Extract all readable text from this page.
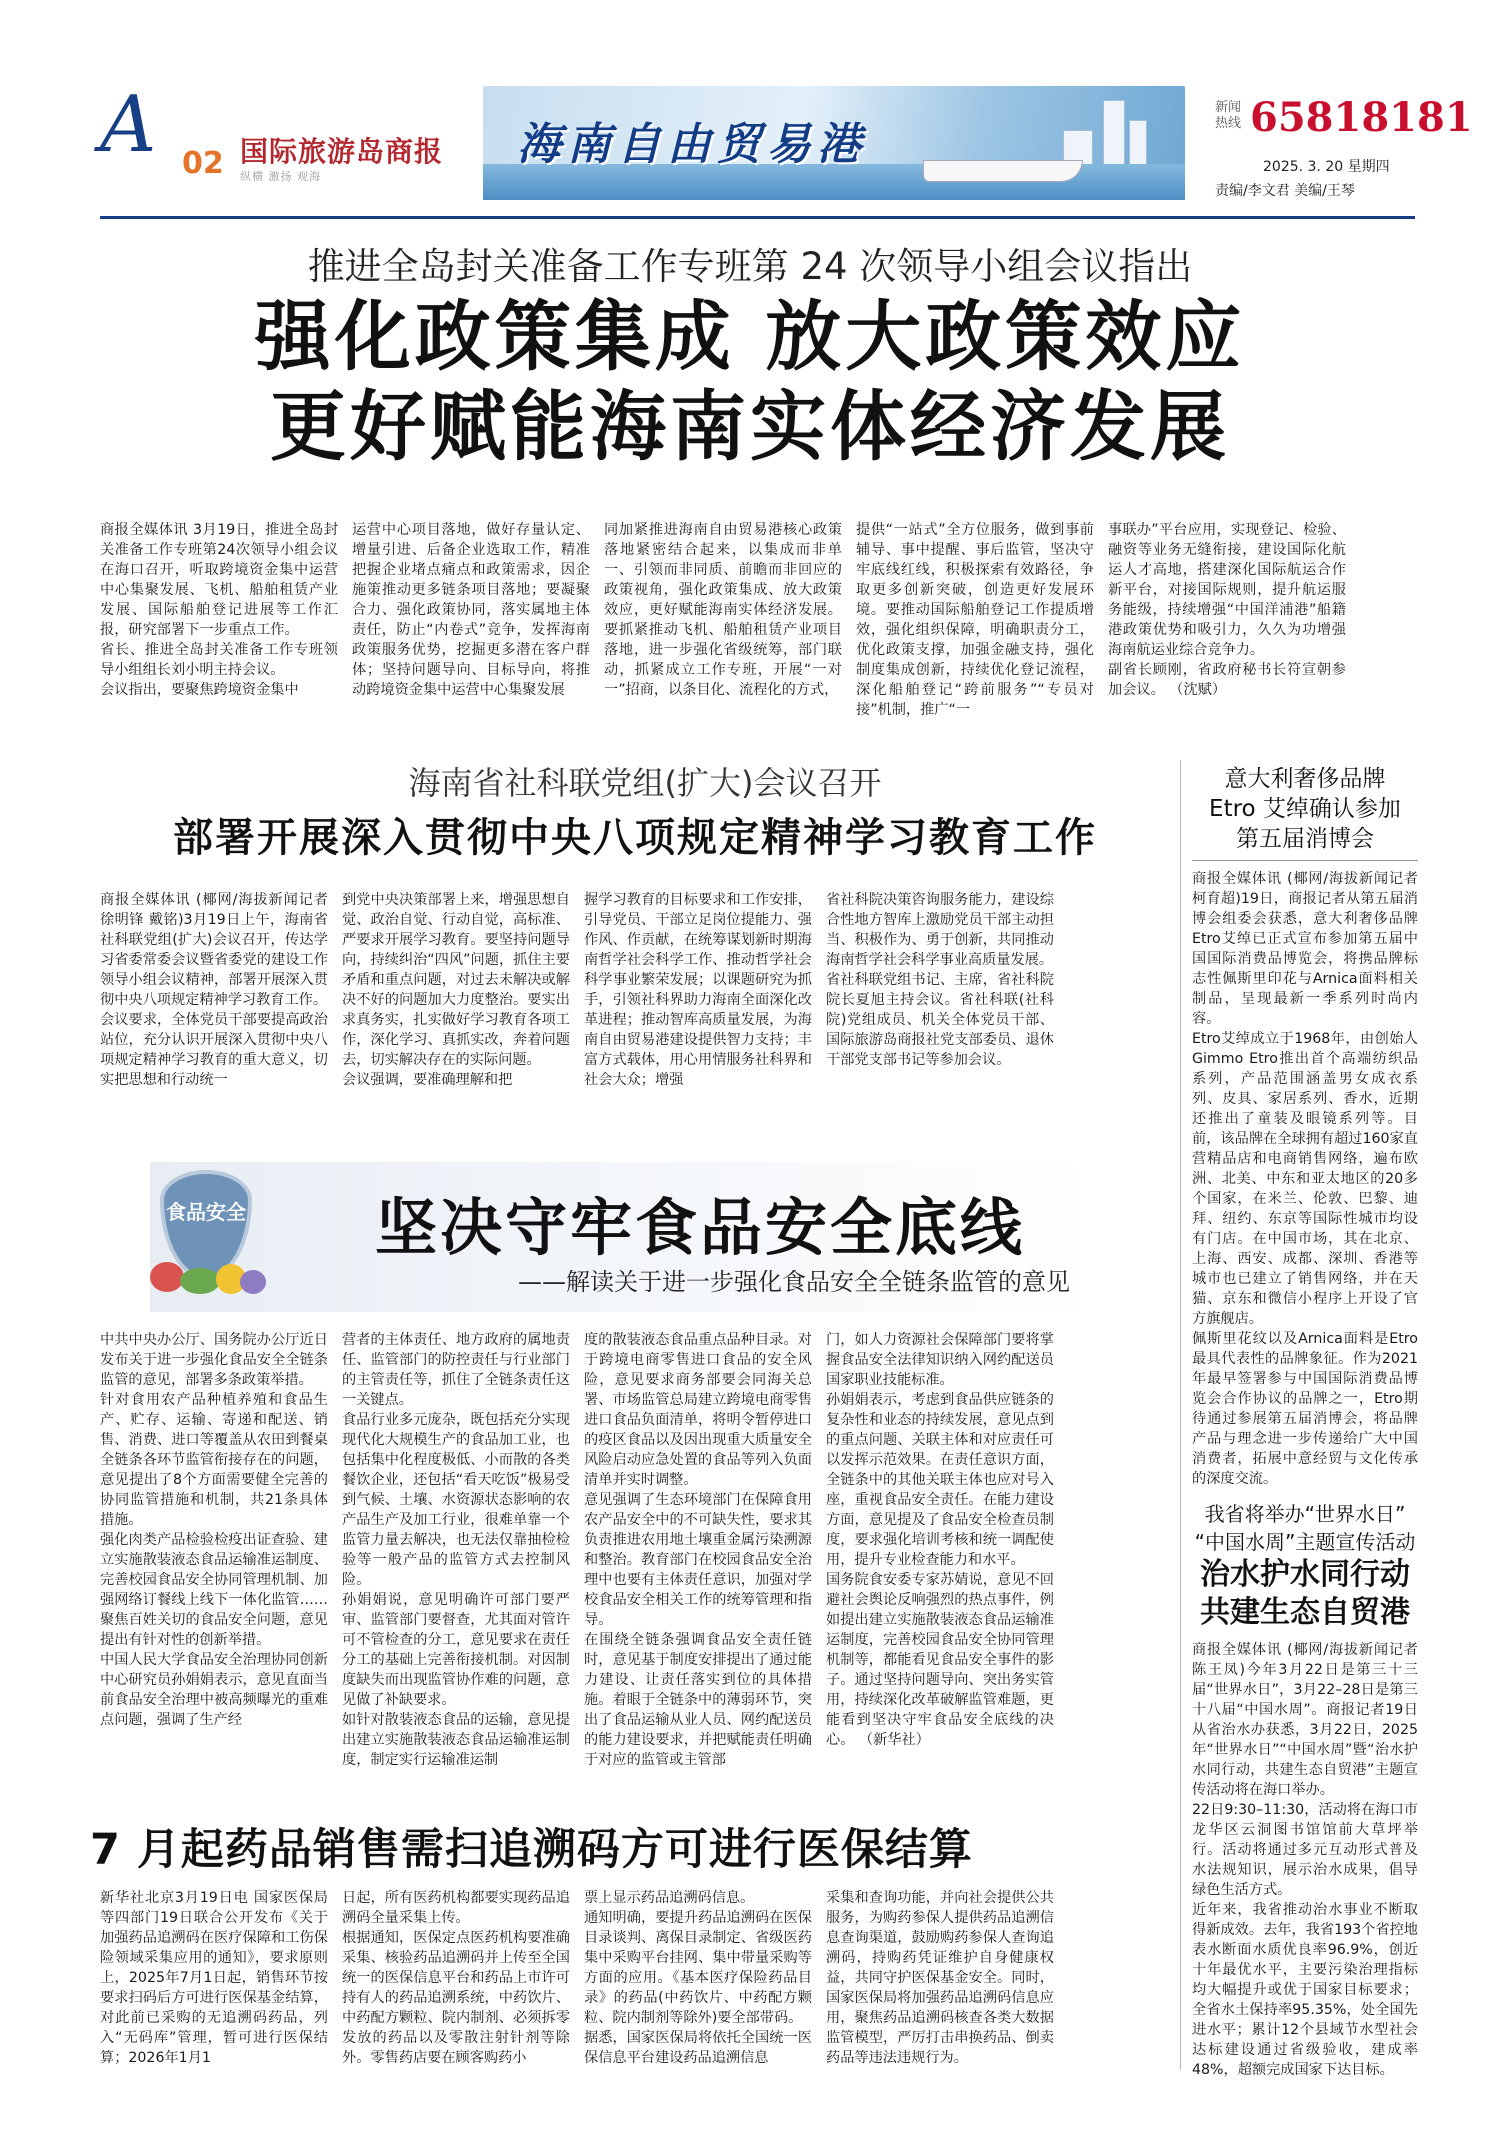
A 02 国际旅游岛商报
纵横 激扬 观海
海南自由贸易港
新闻热线 65818181
2025. 3. 20 星期四
责编/李文君 美编/王琴
推进全岛封关准备工作专班第 24 次领导小组会议指出
强化政策集成 放大政策效应
更好赋能海南实体经济发展
商报全媒体讯 3月19日，推进全岛封关准备工作专班第24次领导小组会议在海口召开，听取跨境资金集中运营中心集聚发展、飞机、船舶租赁产业发展、国际船舶登记进展等工作汇报，研究部署下一步重点工作。
省长、推进全岛封关准备工作专班领导小组组长刘小明主持会议。
会议指出，要聚焦跨境资金集中
运营中心项目落地，做好存量认定、增量引进、后备企业选取工作，精准把握企业堵点痛点和政策需求，因企施策推动更多链条项目落地；要凝聚合力、强化政策协同，落实属地主体责任，防止“内卷式”竞争，发挥海南政策服务优势，挖掘更多潜在客户群体；坚持问题导向、目标导向，将推动跨境资金集中运营中心集聚发展
同加紧推进海南自由贸易港核心政策落地紧密结合起来，以集成而非单一、引领而非同质、前瞻而非回应的政策视角，强化政策集成、放大政策效应，更好赋能海南实体经济发展。要抓紧推动飞机、船舶租赁产业项目落地，进一步强化省级统筹，部门联动，抓紧成立工作专班，开展“一对一”招商，以条目化、流程化的方式，
提供“一站式”全方位服务，做到事前辅导、事中提醒、事后监管，坚决守牢底线红线，积极探索有效路径，争取更多创新突破，创造更好发展环境。要推动国际船舶登记工作提质增效，强化组织保障，明确职责分工，优化政策支撑，加强金融支持，强化制度集成创新，持续优化登记流程，深化船舶登记“跨前服务”“专员对接”机制，推广“一
事联办”平台应用，实现登记、检验、融资等业务无缝衔接，建设国际化航运人才高地，搭建深化国际航运合作新平台，对接国际规则，提升航运服务能级，持续增强“中国洋浦港”船籍港政策优势和吸引力，久久为功增强海南航运业综合竞争力。
副省长顾刚，省政府秘书长符宣朝参加会议。 （沈赋）
海南省社科联党组(扩大)会议召开
部署开展深入贯彻中央八项规定精神学习教育工作
商报全媒体讯 (椰网/海拔新闻记者 徐明锋 戴铭)3月19日上午，海南省社科联党组(扩大)会议召开，传达学习省委常委会议暨省委党的建设工作领导小组会议精神，部署开展深入贯彻中央八项规定精神学习教育工作。
会议要求，全体党员干部要提高政治站位，充分认识开展深入贯彻中央八项规定精神学习教育的重大意义，切实把思想和行动统一
到党中央决策部署上来，增强思想自觉、政治自觉、行动自觉，高标准、严要求开展学习教育。要坚持问题导向，持续纠治“四风”问题，抓住主要矛盾和重点问题，对过去未解决或解决不好的问题加大力度整治。要实出求真务实，扎实做好学习教育各项工作，深化学习、真抓实改，奔着问题去，切实解决存在的实际问题。
会议强调，要准确理解和把
握学习教育的目标要求和工作安排，引导党员、干部立足岗位提能力、强作风、作贡献，在统筹谋划新时期海南哲学社会科学工作、推动哲学社会科学事业繁荣发展；以课题研究为抓手，引领社科界助力海南全面深化改革进程；推动智库高质量发展，为海南自由贸易港建设提供智力支持；丰富方式载体，用心用情服务社科界和社会大众；增强
省社科院决策咨询服务能力，建设综合性地方智库上激励党员干部主动担当、积极作为、勇于创新，共同推动海南哲学社会科学事业高质量发展。
省社科联党组书记、主席，省社科院院长夏旭主持会议。省社科联(社科院)党组成员、机关全体党员干部、国际旅游岛商报社党支部委员、退休干部党支部书记等参加会议。
食品安全	坚决守牢食品安全底线
——解读关于进一步强化食品安全全链条监管的意见
中共中央办公厅、国务院办公厅近日发布关于进一步强化食品安全全链条监管的意见，部署多条政策举措。
针对食用农产品种植养殖和食品生产、贮存、运输、寄递和配送、销售、消费、进口等覆盖从农田到餐桌全链条各环节监管衔接存在的问题，意见提出了8个方面需要健全完善的协同监管措施和机制，共21条具体措施。
强化肉类产品检验检疫出证查验、建立实施散装液态食品运输准运制度、完善校园食品安全协同管理机制、加强网络订餐线上线下一体化监管……聚焦百姓关切的食品安全问题，意见提出有针对性的创新举措。
中国人民大学食品安全治理协同创新中心研究员孙娟娟表示，意见直面当前食品安全治理中被高频曝光的重难点问题，强调了生产经
营者的主体责任、地方政府的属地责任、监管部门的防控责任与行业部门的主管责任等，抓住了全链条责任这一关键点。
食品行业多元庞杂，既包括充分实现现代化大规模生产的食品加工业，也包括集中化程度极低、小而散的各类餐饮企业，还包括“看天吃饭”极易受到气候、土壤、水资源状态影响的农产品生产及加工行业，很难单靠一个监管力量去解决，也无法仅靠抽检检验等一般产品的监管方式去控制风险。
孙娟娟说，意见明确许可部门要严审、监管部门要督查，尤其面对管许可不管检查的分工，意见要求在责任分工的基础上完善衔接机制。对因制度缺失而出现监管协作难的问题，意见做了补缺要求。
如针对散装液态食品的运输，意见提出建立实施散装液态食品运输准运制度，制定实行运输准运制
度的散装液态食品重点品种目录。对于跨境电商零售进口食品的安全风险，意见要求商务部要会同海关总署、市场监管总局建立跨境电商零售进口食品负面清单，将明令暂停进口的疫区食品以及因出现重大质量安全风险启动应急处置的食品等列入负面清单并实时调整。
意见强调了生态环境部门在保障食用农产品安全中的不可缺失性，要求其负责推进农用地土壤重金属污染溯源和整治。教育部门在校园食品安全治理中也要有主体责任意识，加强对学校食品安全相关工作的统筹管理和指导。
在围绕全链条强调食品安全责任链时，意见基于制度安排提出了通过能力建设、让责任落实到位的具体措施。着眼于全链条中的薄弱环节，突出了食品运输从业人员、网约配送员的能力建设要求，并把赋能责任明确于对应的监管或主管部
门，如人力资源社会保障部门要将掌握食品安全法律知识纳入网约配送员国家职业技能标准。
孙娟娟表示，考虑到食品供应链条的复杂性和业态的持续发展，意见点到的重点问题、关联主体和对应责任可以发挥示范效果。在责任意识方面，全链条中的其他关联主体也应对号入座，重视食品安全责任。在能力建设方面，意见提及了食品安全检查员制度，要求强化培训考核和统一调配使用，提升专业检查能力和水平。
国务院食安委专家苏婧说，意见不回避社会舆论反响强烈的热点事件，例如提出建立实施散装液态食品运输准运制度，完善校园食品安全协同管理机制等，都能看见食品安全事件的影子。通过坚持问题导向、突出务实管用，持续深化改革破解监管难题，更能看到坚决守牢食品安全底线的决心。 （新华社）
7 月起药品销售需扫追溯码方可进行医保结算
新华社北京3月19日电 国家医保局等四部门19日联合公开发布《关于加强药品追溯码在医疗保障和工伤保险领域采集应用的通知》，要求原则上，2025年7月1日起，销售环节按要求扫码后方可进行医保基金结算，对此前已采购的无追溯码药品，列入“无码库”管理，暂可进行医保结算；2026年1月1
日起，所有医药机构都要实现药品追溯码全量采集上传。
根据通知，医保定点医药机构要准确采集、核验药品追溯码并上传至全国统一的医保信息平台和药品上市许可持有人的药品追溯系统，中药饮片、中药配方颗粒、院内制剂、必须拆零发放的药品以及零散注射针剂等除外。零售药店要在顾客购药小
票上显示药品追溯码信息。
通知明确，要提升药品追溯码在医保目录谈判、离保目录制定、省级医药集中采购平台挂网、集中带量采购等方面的应用。《基本医疗保险药品目录》的药品(中药饮片、中药配方颗粒、院内制剂等除外)要全部带码。
据悉，国家医保局将依托全国统一医保信息平台建设药品追溯信息
采集和查询功能，并向社会提供公共服务，为购药参保人提供药品追溯信息查询渠道，鼓励购药参保人查询追溯码，持购药凭证维护自身健康权益，共同守护医保基金安全。同时，国家医保局将加强药品追溯码信息应用，聚焦药品追溯码核查各类大数据监管模型，严厉打击串换药品、倒卖药品等违法违规行为。
意大利奢侈品牌
Etro 艾绰确认参加
第五届消博会
商报全媒体讯 (椰网/海拔新闻记者 柯育超)19日，商报记者从第五届消博会组委会获悉，意大利奢侈品牌Etro艾绰已正式宣布参加第五届中国国际消费品博览会，将携品牌标志性佩斯里印花与Arnica面料相关制品，呈现最新一季系列时尚内容。
Etro艾绰成立于1968年，由创始人Gimmo Etro推出首个高端纺织品系列，产品范围涵盖男女成衣系列、皮具、家居系列、香水，近期还推出了童装及眼镜系列等。目前，该品牌在全球拥有超过160家直营精品店和电商销售网络，遍布欧洲、北美、中东和亚太地区的20多个国家，在米兰、伦敦、巴黎、迪拜、纽约、东京等国际性城市均设有门店。在中国市场，其在北京、上海、西安、成都、深圳、香港等城市也已建立了销售网络，并在天猫、京东和微信小程序上开设了官方旗舰店。
佩斯里花纹以及Arnica面料是Etro最具代表性的品牌象征。作为2021年最早签署参与中国国际消费品博览会合作协议的品牌之一，Etro期待通过参展第五届消博会，将品牌产品与理念进一步传递给广大中国消费者，拓展中意经贸与文化传承的深度交流。
我省将举办“世界水日”
“中国水周”主题宣传活动
治水护水同行动
共建生态自贸港
商报全媒体讯 (椰网/海拔新闻记者 陈王凤)今年3月22日是第三十三届“世界水日”，3月22–28日是第三十八届“中国水周”。商报记者19日从省治水办获悉，3月22日，2025年“世界水日”“中国水周”暨“治水护水同行动，共建生态自贸港”主题宣传活动将在海口举办。
22日9:30–11:30，活动将在海口市龙华区云洞图书馆馆前大草坪举行。活动将通过多元互动形式普及水法规知识，展示治水成果，倡导绿色生活方式。
近年来，我省推动治水事业不断取得新成效。去年，我省193个省控地表水断面水质优良率96.9%，创近十年最优水平，主要污染治理指标均大幅提升或优于国家目标要求；全省水土保持率95.35%，处全国先进水平；累计12个县域节水型社会达标建设通过省级验收，建成率48%，超额完成国家下达目标。
